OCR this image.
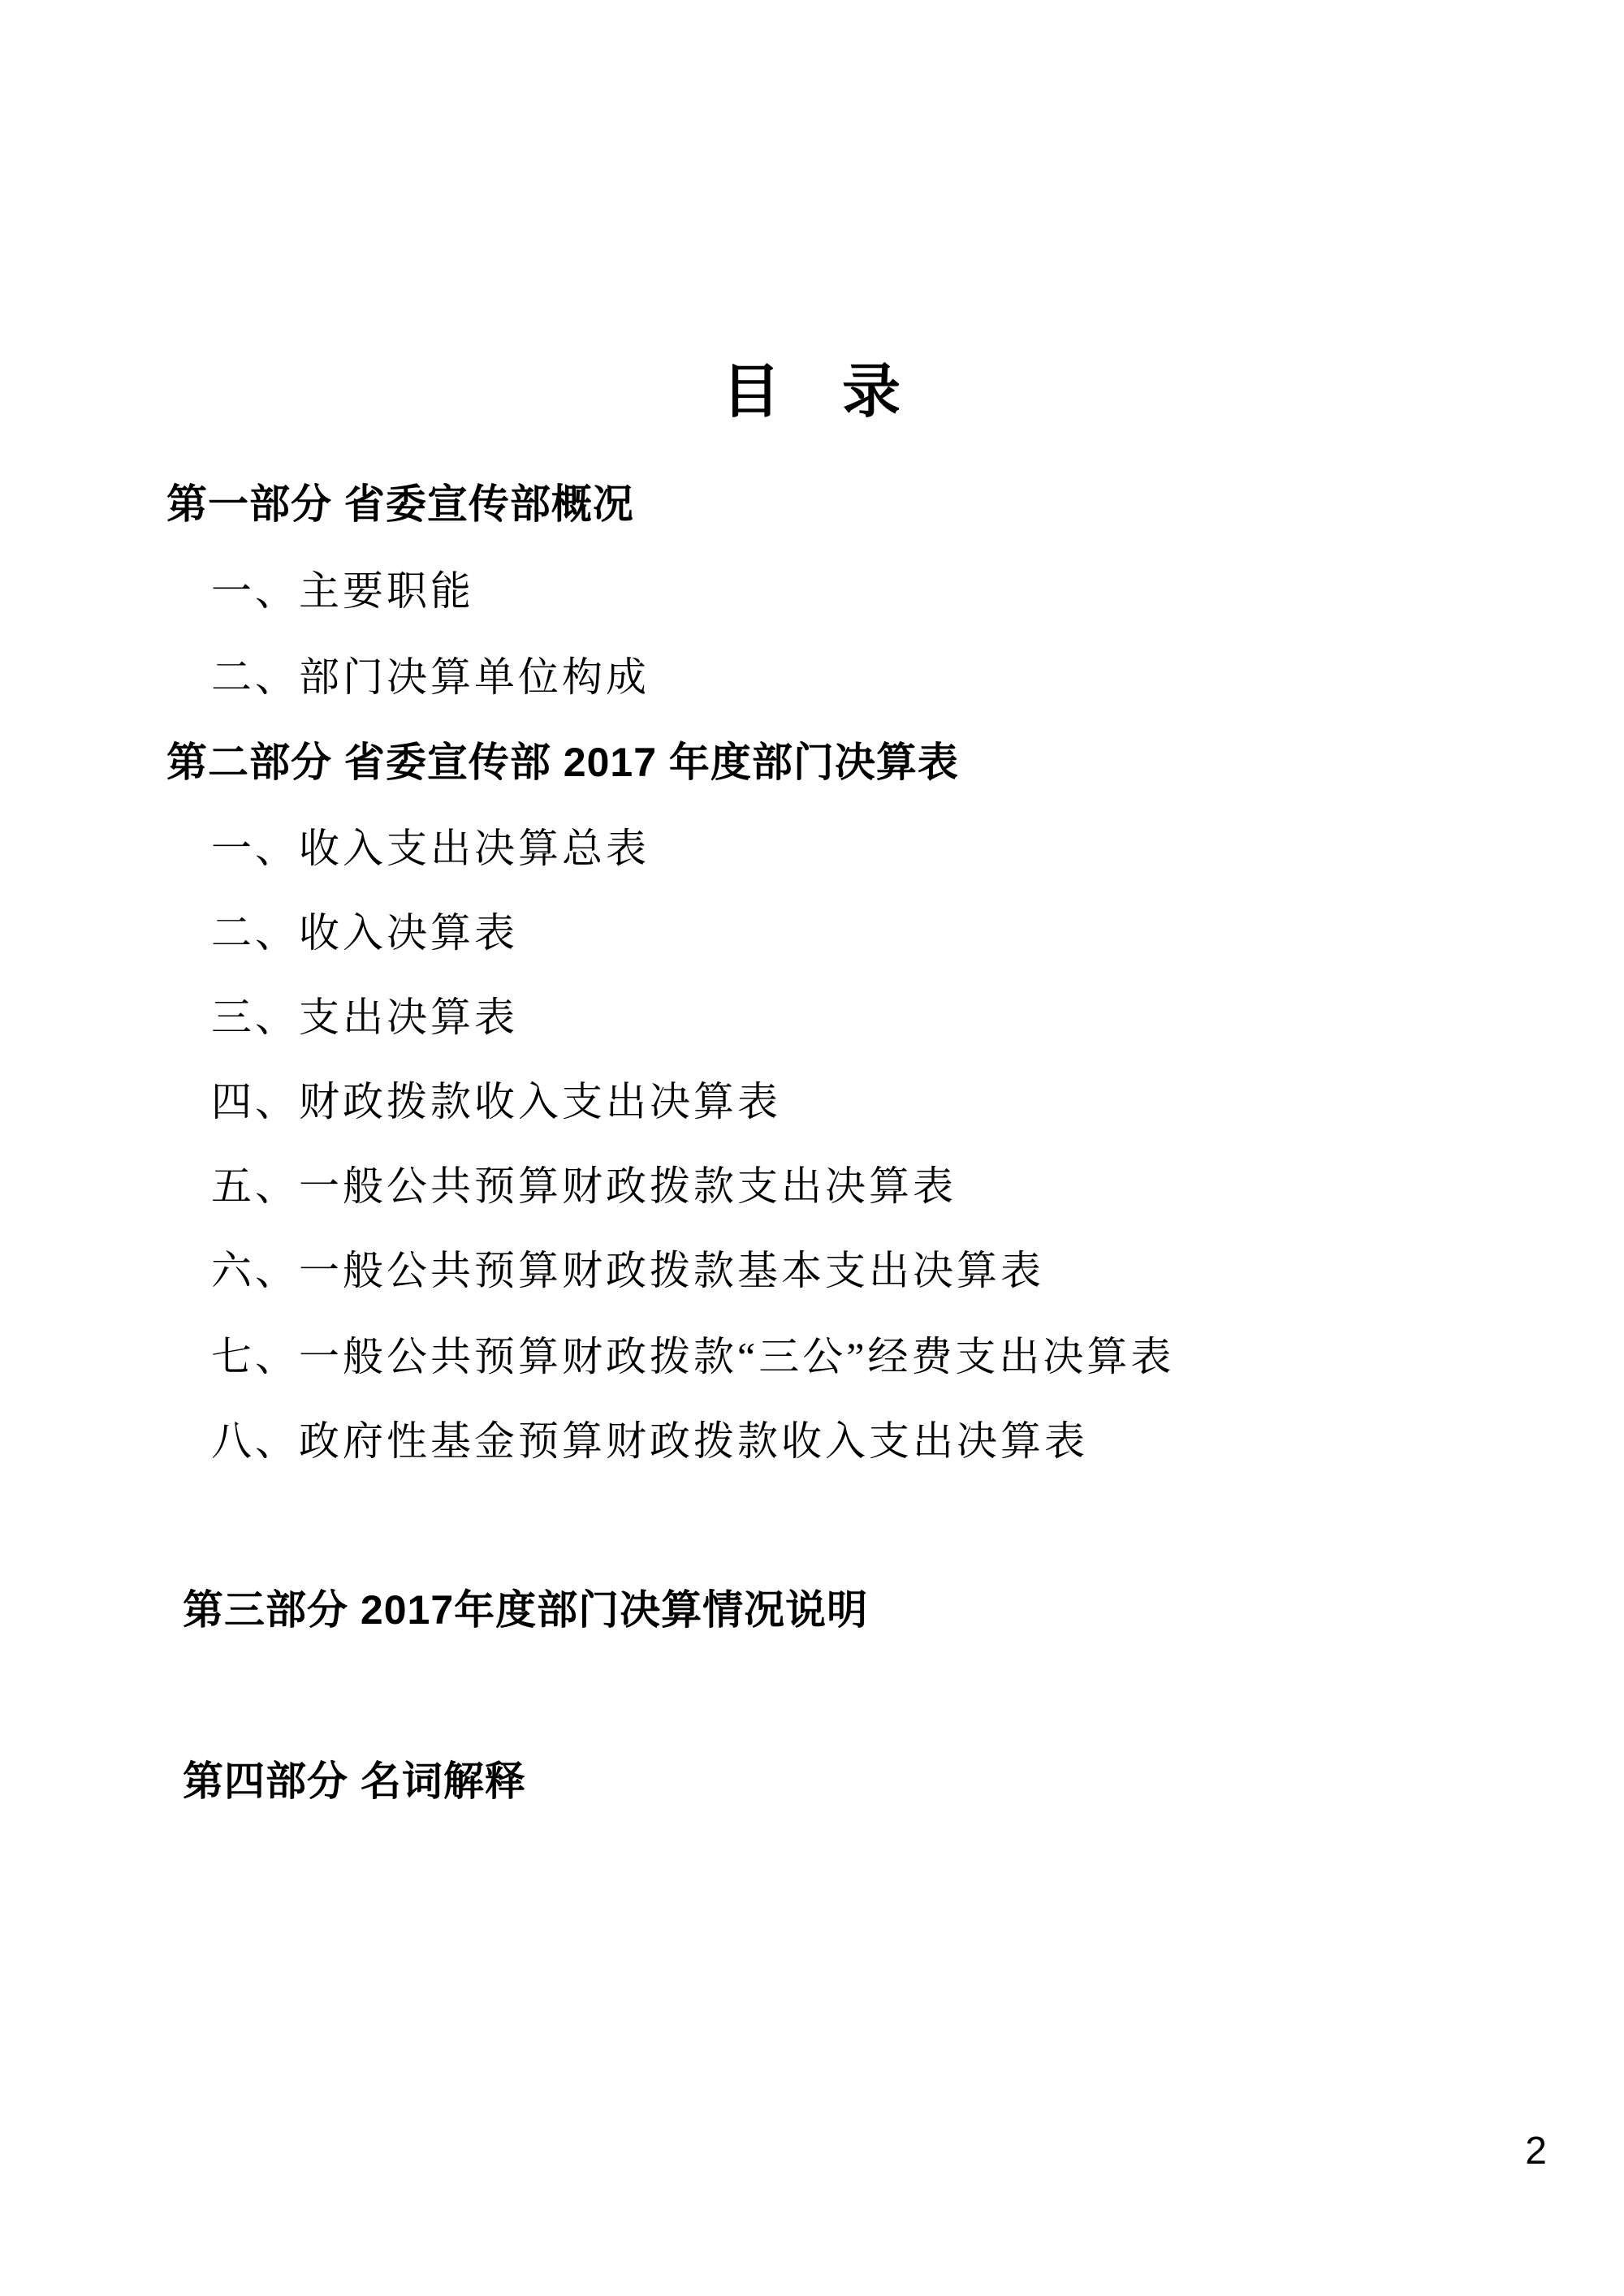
目　录
第一部分 省委宣传部概况
一、主要职能
二、部门决算单位构成
第二部分 省委宣传部 2017 年度部门决算表
一、收入支出决算总表
二、收入决算表
三、支出决算表
四、财政拨款收入支出决算表
五、一般公共预算财政拨款支出决算表
六、一般公共预算财政拨款基本支出决算表
七、一般公共预算财政拨款“三公”经费支出决算表
八、政府性基金预算财政拨款收入支出决算表
第三部分 2017年度部门决算情况说明
第四部分 名词解释
2
